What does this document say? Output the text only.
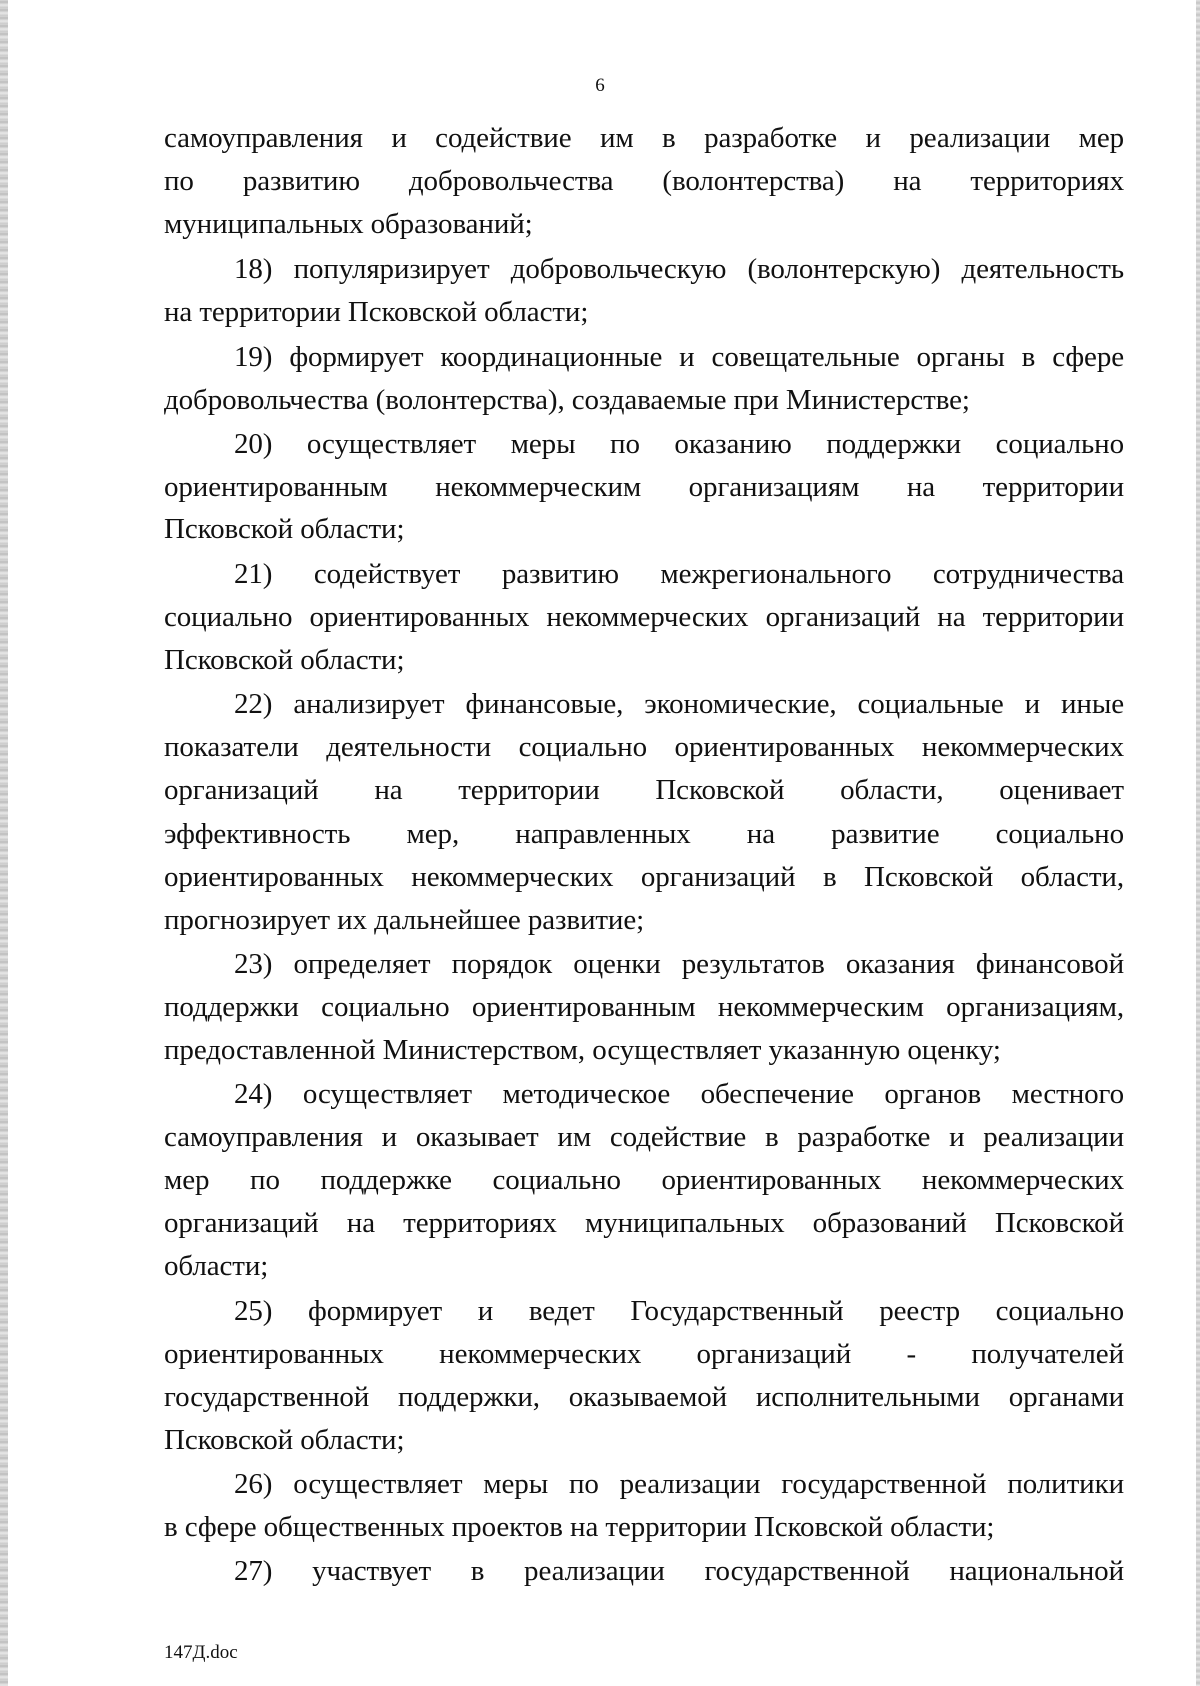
6
самоуправления и содействие им в разработке и реализации мер
по развитию добровольчества (волонтерства) на территориях
муниципальных образований;
18) популяризирует добровольческую (волонтерскую) деятельность
на территории Псковской области;
19) формирует координационные и совещательные органы в сфере
добровольчества (волонтерства), создаваемые при Министерстве;
20) осуществляет меры по оказанию поддержки социально
ориентированным некоммерческим организациям на территории
Псковской области;
21) содействует развитию межрегионального сотрудничества
социально ориентированных некоммерческих организаций на территории
Псковской области;
22) анализирует финансовые, экономические, социальные и иные
показатели деятельности социально ориентированных некоммерческих
организаций на территории Псковской области, оценивает
эффективность мер, направленных на развитие социально
ориентированных некоммерческих организаций в Псковской области,
прогнозирует их дальнейшее развитие;
23) определяет порядок оценки результатов оказания финансовой
поддержки социально ориентированным некоммерческим организациям,
предоставленной Министерством, осуществляет указанную оценку;
24) осуществляет методическое обеспечение органов местного
самоуправления и оказывает им содействие в разработке и реализации
мер по поддержке социально ориентированных некоммерческих
организаций на территориях муниципальных образований Псковской
области;
25) формирует и ведет Государственный реестр социально
ориентированных некоммерческих организаций - получателей
государственной поддержки, оказываемой исполнительными органами
Псковской области;
26) осуществляет меры по реализации государственной политики
в сфере общественных проектов на территории Псковской области;
27) участвует в реализации государственной национальной
147Д.doc
